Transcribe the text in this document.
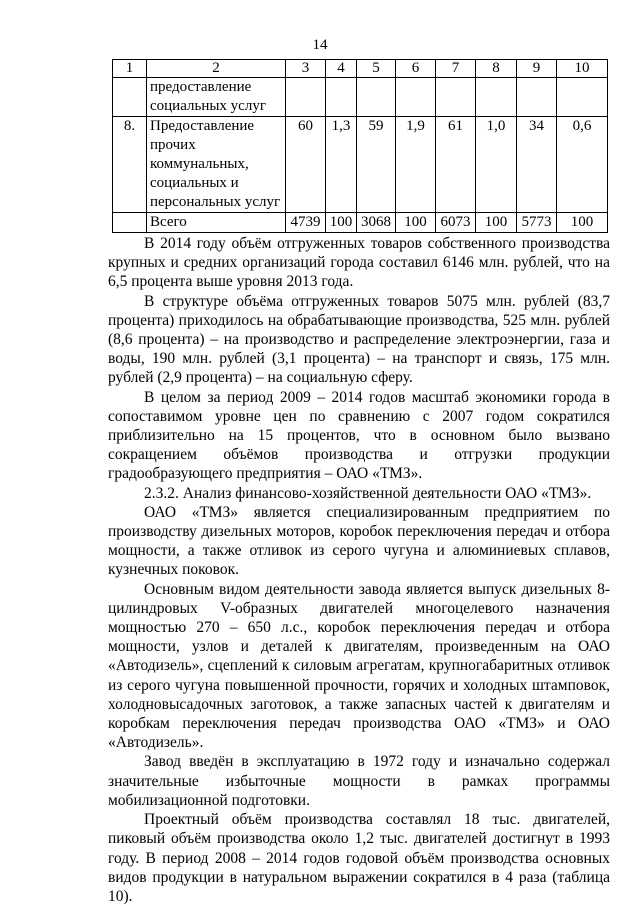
14
1	2	3	4	5	6	7	8	9	10
	предоставление социальных услуг								
8.	Предоставление прочих коммунальных, социальных и персональных услуг	60	1,3	59	1,9	61	1,0	34	0,6
	Всего	4739	100	3068	100	6073	100	5773	100

В 2014 году объём отгруженных товаров собственного производства крупных и средних организаций города составил 6146 млн. рублей, что на 6,5 процента выше уровня 2013 года.

В структуре объёма отгруженных товаров 5075 млн. рублей (83,7 процента) приходилось на обрабатывающие производства, 525 млн. рублей (8,6 процента) – на производство и распределение электроэнергии, газа и воды, 190 млн. рублей (3,1 процента) – на транспорт и связь, 175 млн. рублей (2,9 процента) – на социальную сферу.

В целом за период 2009 – 2014 годов масштаб экономики города в сопоставимом уровне цен по сравнению с 2007 годом сократился приблизительно на 15 процентов, что в основном было вызвано сокращением объёмов производства и отгрузки продукции градообразующего предприятия – ОАО «ТМЗ».

2.3.2. Анализ финансово-хозяйственной деятельности ОАО «ТМЗ».

ОАО «ТМЗ» является специализированным предприятием по производству дизельных моторов, коробок переключения передач и отбора мощности, а также отливок из серого чугуна и алюминиевых сплавов, кузнечных поковок.

Основным видом деятельности завода является выпуск дизельных 8-цилиндровых V-образных двигателей многоцелевого назначения мощностью 270 – 650 л.с., коробок переключения передач и отбора мощности, узлов и деталей к двигателям, произведенным на ОАО «Автодизель», сцеплений к силовым агрегатам, крупногабаритных отливок из серого чугуна повышенной прочности, горячих и холодных штамповок, холодновысадочных заготовок, а также запасных частей к двигателям и коробкам переключения передач производства ОАО «ТМЗ» и ОАО «Автодизель».

Завод введён в эксплуатацию в 1972 году и изначально содержал значительные избыточные мощности в рамках программы мобилизационной подготовки.

Проектный объём производства составлял 18 тыс. двигателей, пиковый объём производства около 1,2 тыс. двигателей достигнут в 1993 году. В период 2008 – 2014 годов годовой объём производства основных видов продукции в натуральном выражении сократился в 4 раза (таблица 10).
